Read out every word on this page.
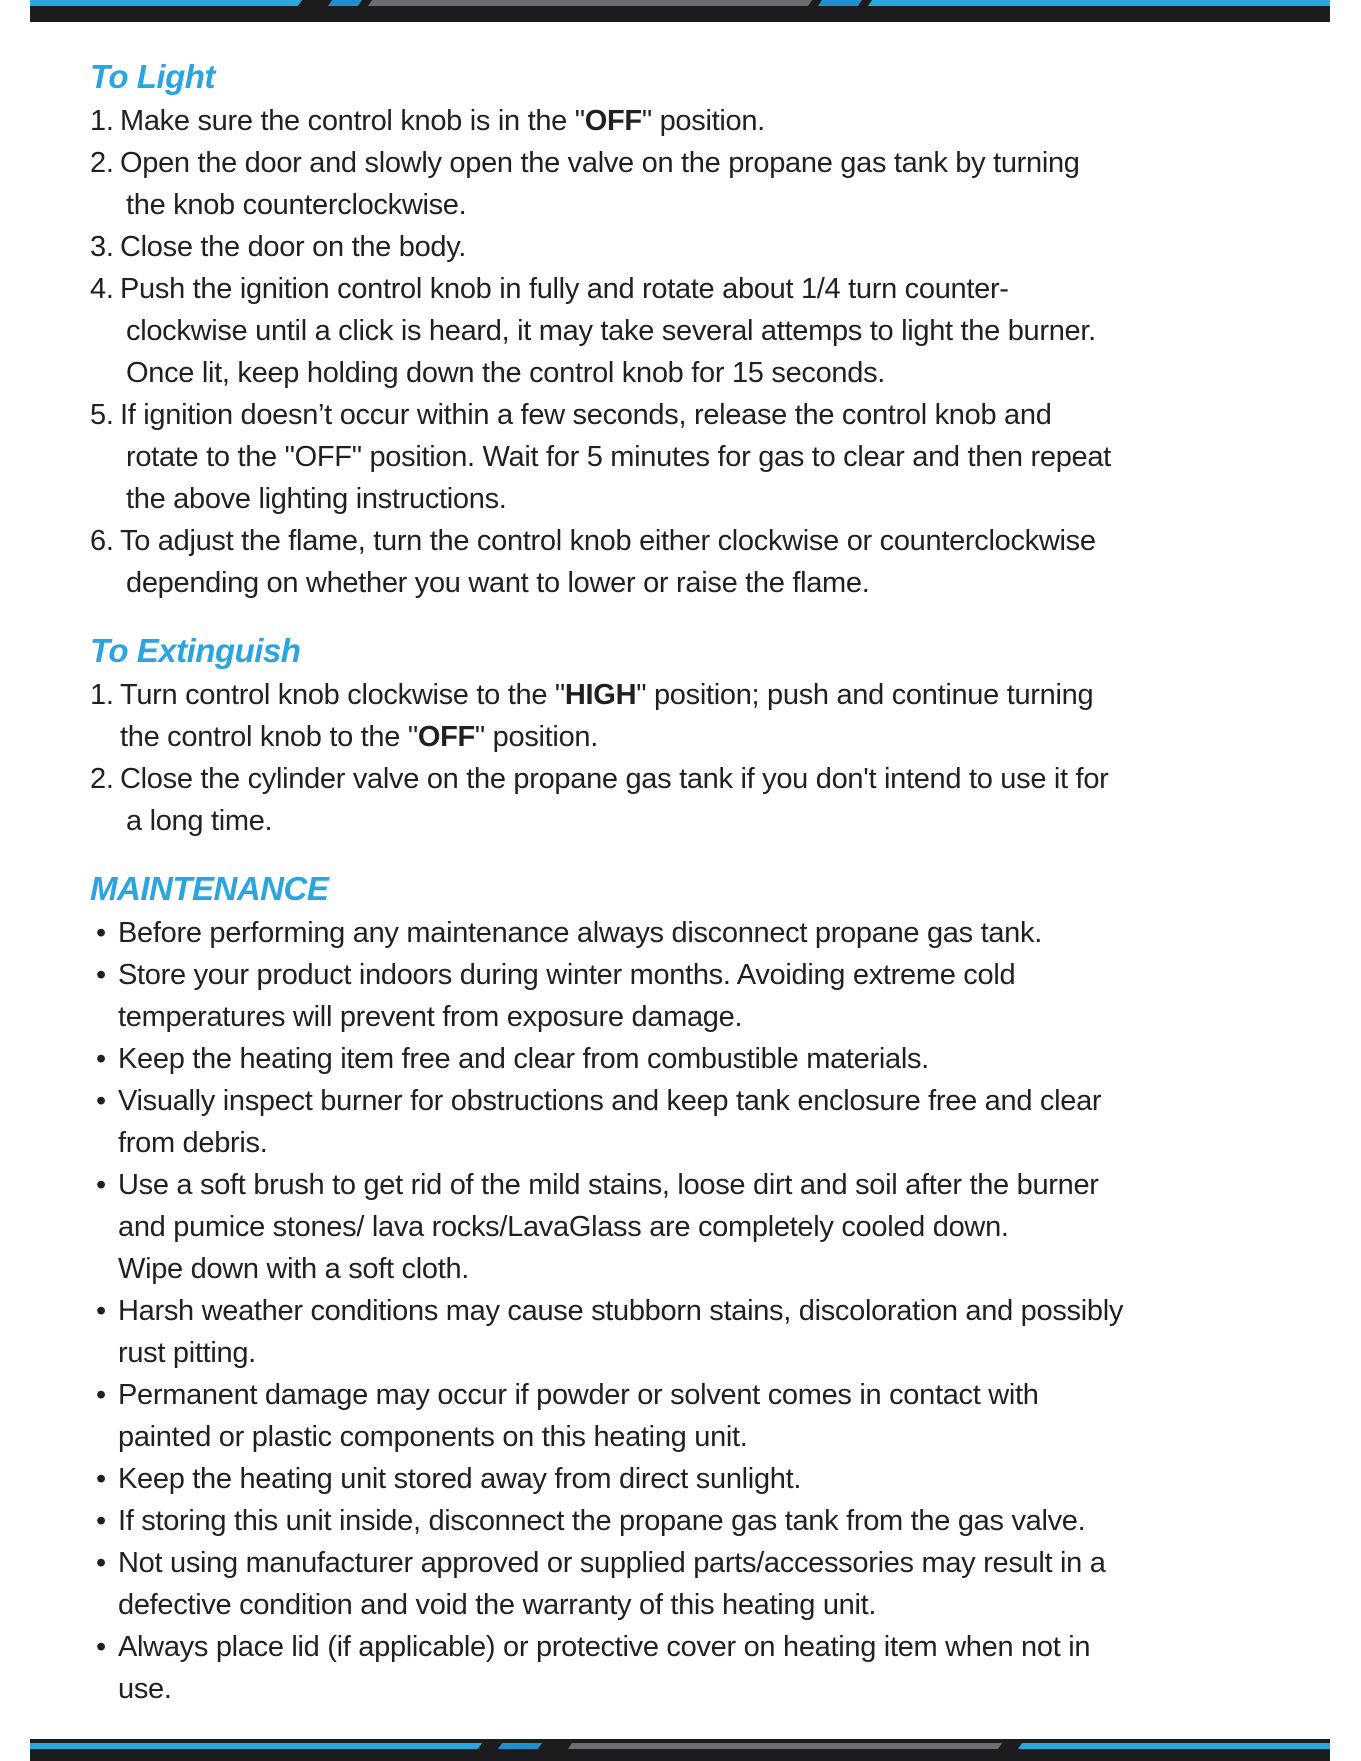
To Light
1. Make sure the control knob is in the "OFF" position.
2. Open the door and slowly open the valve on the propane gas tank by turning
the knob counterclockwise.
3. Close the door on the body.
4. Push the ignition control knob in fully and rotate about 1/4 turn counter-
clockwise until a click is heard, it may take several attemps to light the burner.
Once lit, keep holding down the control knob for 15 seconds.
5. If ignition doesn’t occur within a few seconds, release the control knob and
rotate to the "OFF" position. Wait for 5 minutes for gas to clear and then repeat
the above lighting instructions.
6. To adjust the flame, turn the control knob either clockwise or counterclockwise
depending on whether you want to lower or raise the flame.
To Extinguish
1. Turn control knob clockwise to the "HIGH" position; push and continue turning
the control knob to the "OFF" position.
2. Close the cylinder valve on the propane gas tank if you don't intend to use it for
a long time.
MAINTENANCE
• Before performing any maintenance always disconnect propane gas tank.
• Store your product indoors during winter months. Avoiding extreme cold
temperatures will prevent from exposure damage.
• Keep the heating item free and clear from combustible materials.
• Visually inspect burner for obstructions and keep tank enclosure free and clear
from debris.
• Use a soft brush to get rid of the mild stains, loose dirt and soil after the burner
and pumice stones/ lava rocks/LavaGlass are completely cooled down.
Wipe down with a soft cloth.
• Harsh weather conditions may cause stubborn stains, discoloration and possibly
rust pitting.
• Permanent damage may occur if powder or solvent comes in contact with
painted or plastic components on this heating unit.
• Keep the heating unit stored away from direct sunlight.
• If storing this unit inside, disconnect the propane gas tank from the gas valve.
• Not using manufacturer approved or supplied parts/accessories may result in a
defective condition and void the warranty of this heating unit.
• Always place lid (if applicable) or protective cover on heating item when not in
use.
